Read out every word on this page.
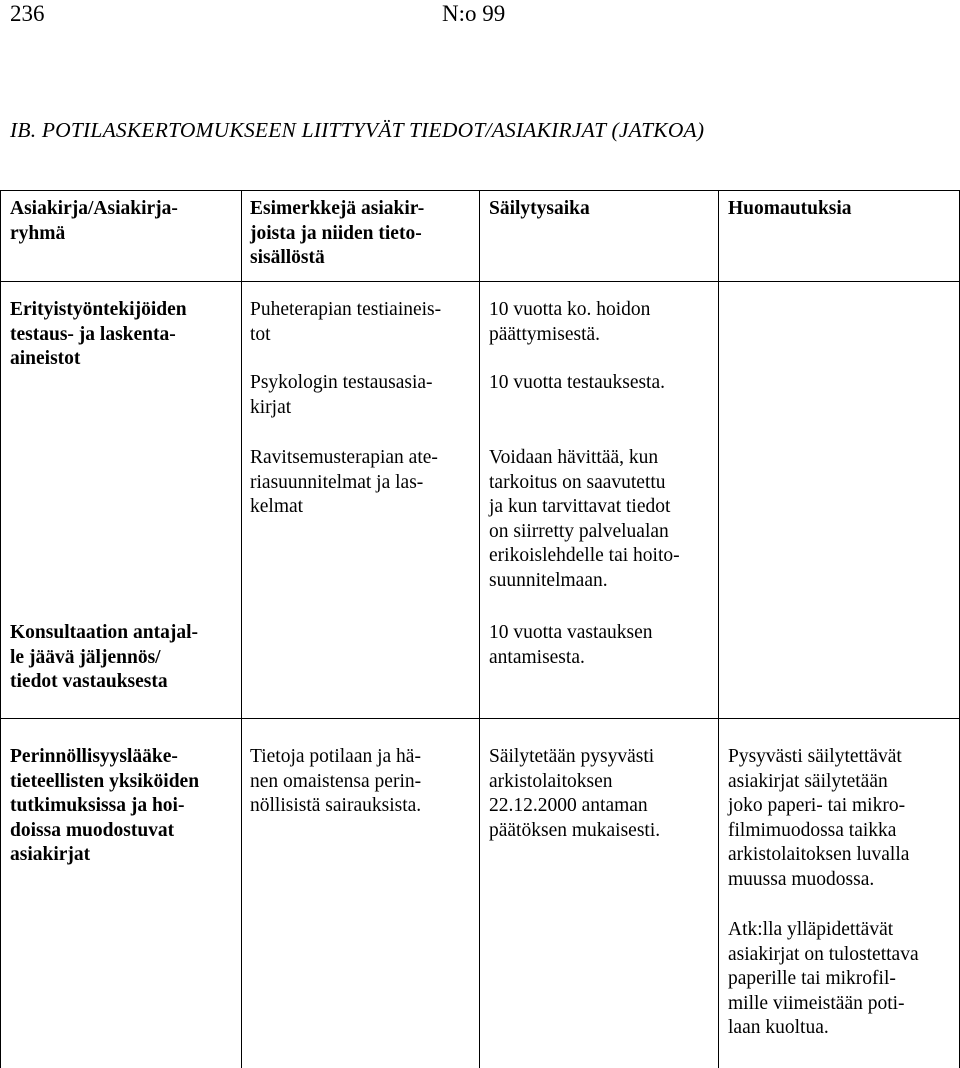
236	N:o 99
IB. POTILASKERTOMUKSEEN LIITTYVÄT TIEDOT/ASIAKIRJAT (JATKOA)
Asiakirja/Asiakirja-
ryhmä
Esimerkkejä asiakir-
joista ja niiden tieto-
sisällöstä
Säilytysaika	Huomautuksia
Erityistyöntekijöiden
testaus- ja laskenta-
aineistot
Puheterapian testiaineis-
tot
10 vuotta ko. hoidon
päättymisestä.
Psykologin testausasia-
kirjat
10 vuotta testauksesta.
Ravitsemusterapian ate-
riasuunnitelmat ja las-
kelmat
Voidaan hävittää, kun
tarkoitus on saavutettu
ja kun tarvittavat tiedot
on siirretty palvelualan
erikoislehdelle tai hoito-
suunnitelmaan.
Konsultaation antajal-
le jäävä jäljennös/
tiedot vastauksesta
10 vuotta vastauksen
antamisesta.
Perinnöllisyyslääke-
tieteellisten yksiköiden
tutkimuksissa ja hoi-
doissa muodostuvat
asiakirjat
Tietoja potilaan ja hä-
nen omaistensa perin-
nöllisistä sairauksista.
Säilytetään pysyvästi
arkistolaitoksen
22.12.2000 antaman
päätöksen mukaisesti.
Pysyvästi säilytettävät
asiakirjat säilytetään
joko paperi- tai mikro-
filmimuodossa taikka
arkistolaitoksen luvalla
muussa muodossa.
Atk:lla ylläpidettävät
asiakirjat on tulostettava
paperille tai mikrofil-
mille viimeistään poti-
laan kuoltua.
